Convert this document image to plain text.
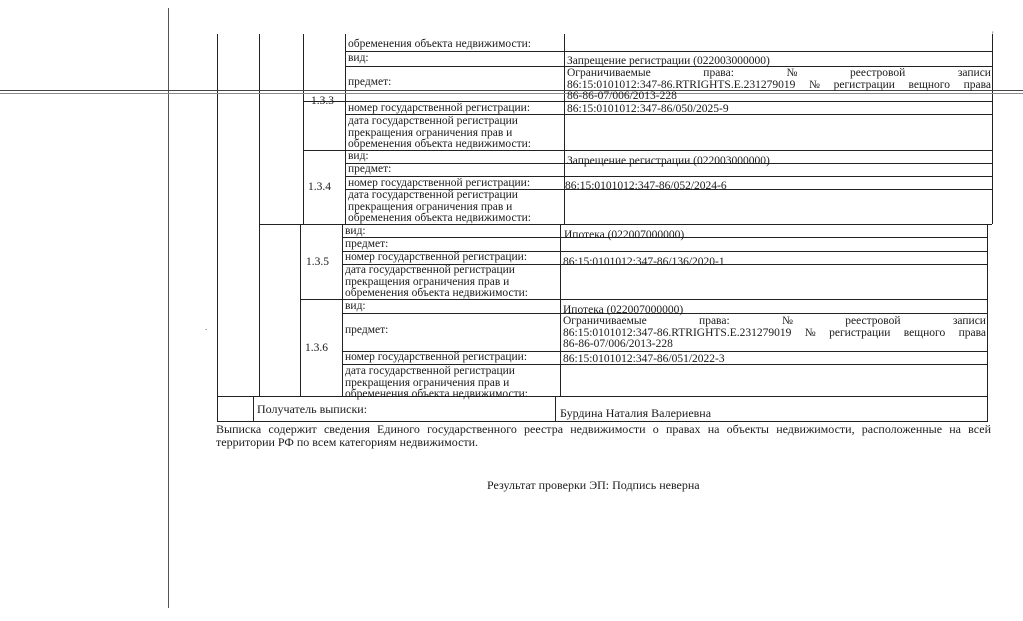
обременения объекта недвижимости:
вид:	Запрещение регистрации (022003000000)
предмет:
Ограничиваемые	права:	№	реестровой	записи
86:15:0101012:347-86.RTRIGHTS.E.231279019 № регистрации вещного права
86-86-07/006/2013-228
1.3.3
номер государственной регистрации:	86:15:0101012:347-86/050/2025-9
дата государственной регистрации
прекращения ограничения прав и
обременения объекта недвижимости:
1.3.4
вид:	Запрещение регистрации (022003000000)
предмет:
номер государственной регистрации:	86:15:0101012:347-86/052/2024-6
дата государственной регистрации
прекращения ограничения прав и
обременения объекта недвижимости:
1.3.5
вид:	Ипотека (022007000000)
предмет:
номер государственной регистрации:	86:15:0101012:347-86/136/2020-1
дата государственной регистрации
прекращения ограничения прав и
обременения объекта недвижимости:
1.3.6
вид:	Ипотека (022007000000)
предмет:
Ограничиваемые	права:	№	реестровой	записи
86:15:0101012:347-86.RTRIGHTS.E.231279019 № регистрации вещного права
86-86-07/006/2013-228
номер государственной регистрации:	86:15:0101012:347-86/051/2022-3
дата государственной регистрации
прекращения ограничения прав и
обременения объекта недвижимости:
Получатель выписки:	Бурдина Наталия Валериевна
Выписка содержит сведения Единого государственного реестра недвижимости о правах на объекты недвижимости, расположенные на всей территории РФ по всем категориям недвижимости.
Результат проверки ЭП: Подпись неверна
'
.
